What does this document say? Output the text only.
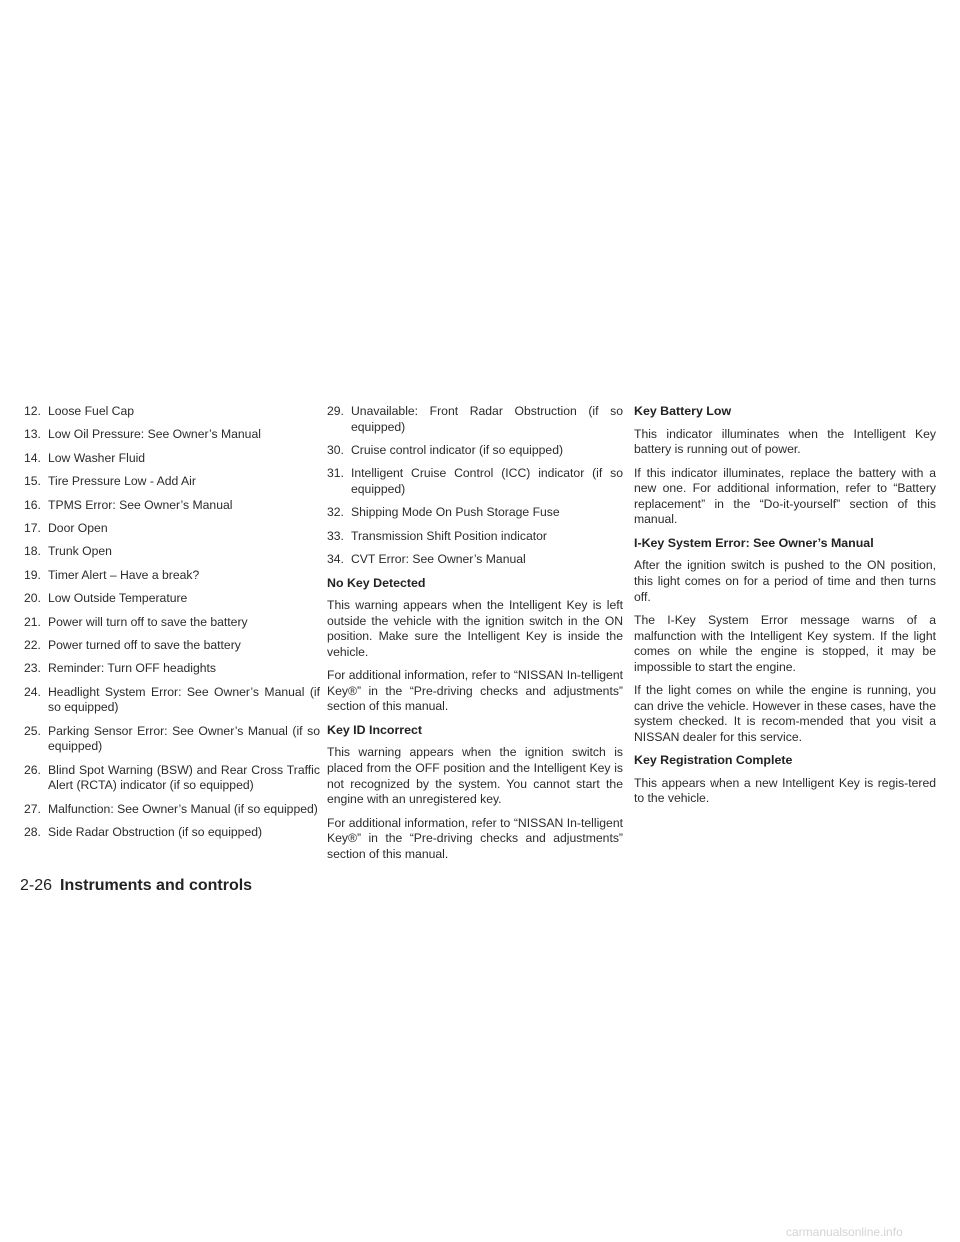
12. Loose Fuel Cap
13. Low Oil Pressure: See Owner’s Manual
14. Low Washer Fluid
15. Tire Pressure Low - Add Air
16. TPMS Error: See Owner’s Manual
17. Door Open
18. Trunk Open
19. Timer Alert – Have a break?
20. Low Outside Temperature
21. Power will turn off to save the battery
22. Power turned off to save the battery
23. Reminder: Turn OFF headights
24. Headlight System Error: See Owner’s Manual (if so equipped)
25. Parking Sensor Error: See Owner’s Manual (if so equipped)
26. Blind Spot Warning (BSW) and Rear Cross Traffic Alert (RCTA) indicator (if so equipped)
27. Malfunction: See Owner’s Manual (if so equipped)
28. Side Radar Obstruction (if so equipped)
29. Unavailable: Front Radar Obstruction (if so equipped)
30. Cruise control indicator (if so equipped)
31. Intelligent Cruise Control (ICC) indicator (if so equipped)
32. Shipping Mode On Push Storage Fuse
33. Transmission Shift Position indicator
34. CVT Error: See Owner’s Manual
No Key Detected

This warning appears when the Intelligent Key is left outside the vehicle with the ignition switch in the ON position. Make sure the Intelligent Key is inside the vehicle.

For additional information, refer to “NISSAN In-telligent Key®” in the “Pre-driving checks and adjustments” section of this manual.

Key ID Incorrect

This warning appears when the ignition switch is placed from the OFF position and the Intelligent Key is not recognized by the system. You cannot start the engine with an unregistered key.

For additional information, refer to “NISSAN In-telligent Key®” in the “Pre-driving checks and adjustments” section of this manual.

Key Battery Low

This indicator illuminates when the Intelligent Key battery is running out of power.

If this indicator illuminates, replace the battery with a new one. For additional information, refer to “Battery replacement” in the “Do-it-yourself” section of this manual.

I-Key System Error: See Owner’s Manual

After the ignition switch is pushed to the ON position, this light comes on for a period of time and then turns off.

The I-Key System Error message warns of a malfunction with the Intelligent Key system. If the light comes on while the engine is stopped, it may be impossible to start the engine.

If the light comes on while the engine is running, you can drive the vehicle. However in these cases, have the system checked. It is recom-mended that you visit a NISSAN dealer for this service.

Key Registration Complete

This appears when a new Intelligent Key is regis-tered to the vehicle.

2-26 Instruments and controls
carmanualsonline.info
